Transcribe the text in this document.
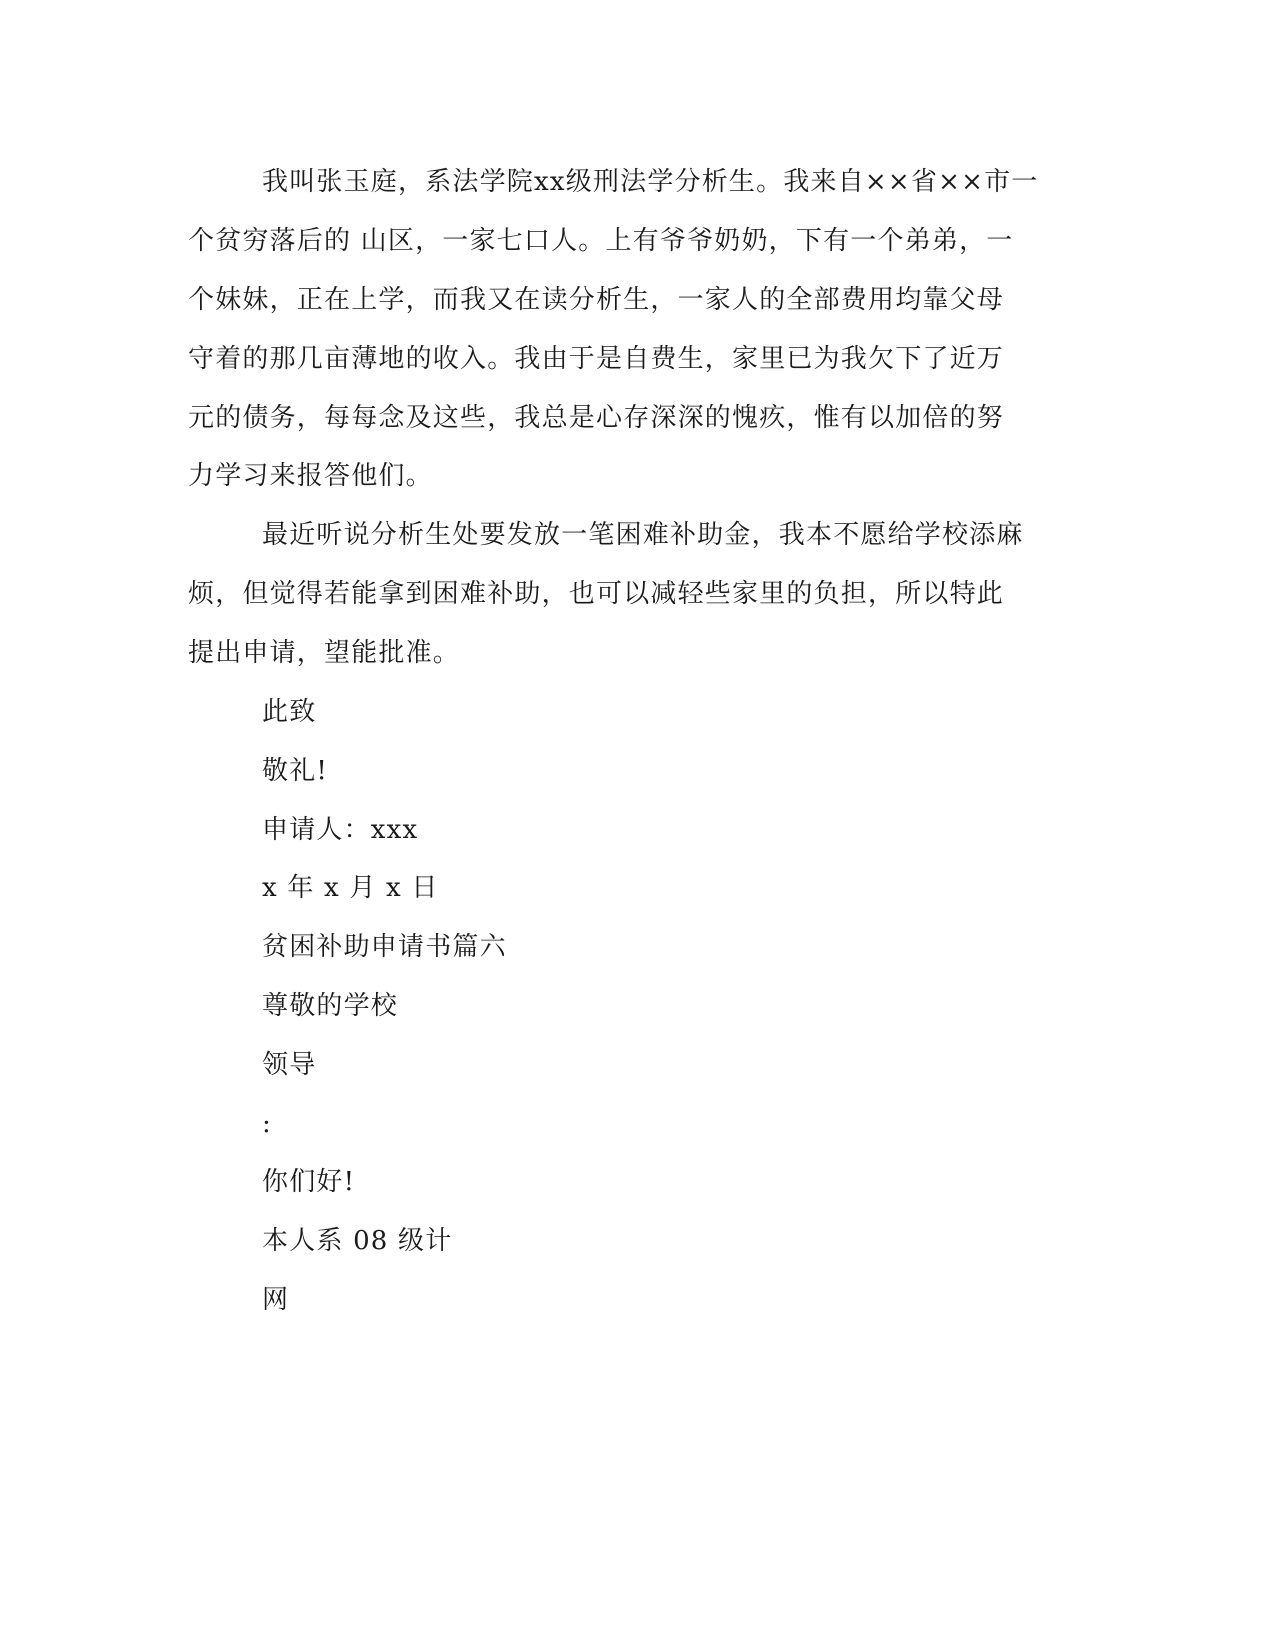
我叫张玉庭，系法学院xx级刑法学分析生。我来自××省××市一
个贫穷落后的 山区，一家七口人。上有爷爷奶奶，下有一个弟弟，一
个妹妹，正在上学，而我又在读分析生，一家人的全部费用均靠父母
守着的那几亩薄地的收入。我由于是自费生，家里已为我欠下了近万
元的债务，每每念及这些，我总是心存深深的愧疚，惟有以加倍的努
力学习来报答他们。
最近听说分析生处要发放一笔困难补助金，我本不愿给学校添麻
烦，但觉得若能拿到困难补助，也可以减轻些家里的负担，所以特此
提出申请，望能批准。
此致
敬礼!
申请人：xxx
x 年 x 月 x 日
贫困补助申请书篇六
尊敬的学校
领导
:
你们好!
本人系 08 级计
网
